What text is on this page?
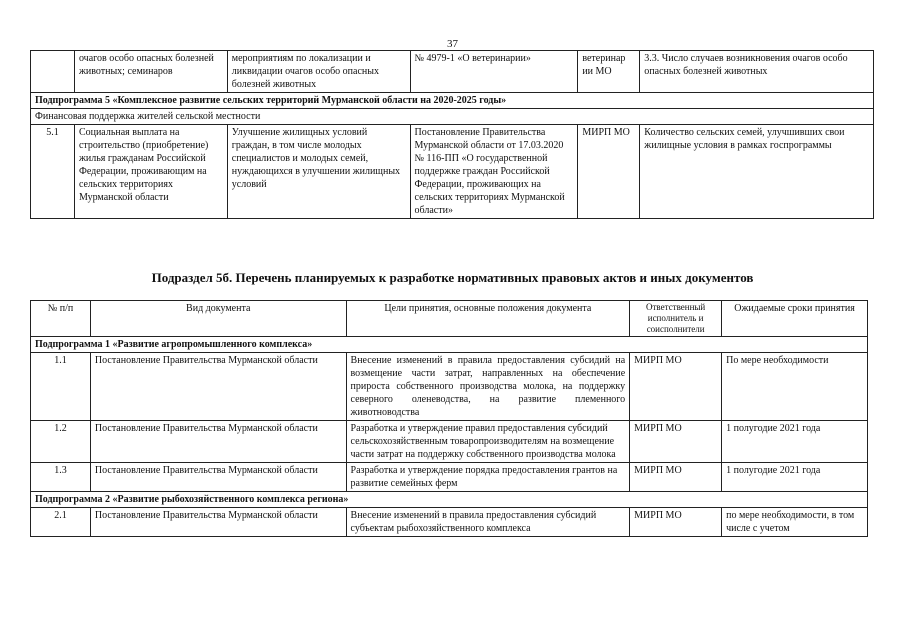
37
	очагов особо опасных болезней животных; семинаров	мероприятиям по локализации и ликвидации очагов особо опасных болезней животных	№ 4979-1 «О ветеринарии»	ветеринар ии МО	3.3. Число случаев возникновения очагов особо опасных болезней животных
Подпрограмма 5 «Комплексное развитие сельских территорий Мурманской области на 2020-2025 годы»					
Финансовая поддержка жителей сельской местности					
5.1	Социальная выплата на строительство (приобретение) жилья гражданам Российской Федерации, проживающим на сельских территориях Мурманской области	Улучшение жилищных условий граждан, в том числе молодых специалистов и молодых семей, нуждающихся в улучшении жилищных условий	Постановление Правительства Мурманской области от 17.03.2020 № 116-ПП «О государственной поддержке граждан Российской Федерации, проживающих на сельских территориях Мурманской области»	МИРП МО	Количество сельских семей, улучшивших свои жилищные условия в рамках госпрограммы
Подраздел 5б. Перечень планируемых к разработке нормативных правовых актов и иных документов
№ п/п	Вид документа	Цели принятия, основные положения документа	Ответственный исполнитель и соисполнители	Ожидаемые сроки принятия
Подпрограмма 1 «Развитие агропромышленного комплекса»				
1.1	Постановление Правительства Мурманской области	Внесение изменений в правила предоставления субсидий на возмещение части затрат, направленных на обеспечение прироста собственного производства молока, на поддержку северного оленеводства, на развитие племенного животноводства	МИРП МО	По мере необходимости
1.2	Постановление Правительства Мурманской области	Разработка и утверждение правил предоставления субсидий сельскохозяйственным товаропроизводителям на возмещение части затрат на поддержку собственного производства молока	МИРП МО	1 полугодие 2021 года
1.3	Постановление Правительства Мурманской области	Разработка и утверждение порядка предоставления грантов на развитие семейных ферм	МИРП МО	1 полугодие 2021 года
Подпрограмма 2 «Развитие рыбохозяйственного комплекса региона»				
2.1	Постановление Правительства Мурманской области	Внесение изменений в правила предоставления субсидий субъектам рыбохозяйственного комплекса	МИРП МО	по мере необходимости, в том числе с учетом
